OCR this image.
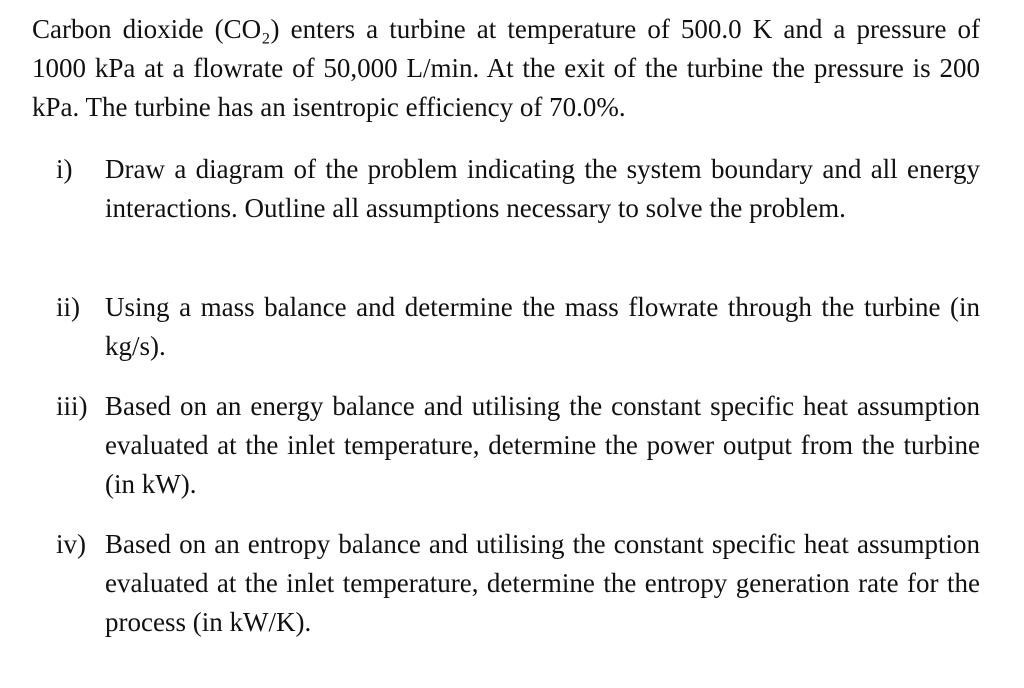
Carbon dioxide (CO₂) enters a turbine at temperature of 500.0 K and a pressure of 1000 kPa at a flowrate of 50,000 L/min. At the exit of the turbine the pressure is 200 kPa. The turbine has an isentropic efficiency of 70.0%.

i) Draw a diagram of the problem indicating the system boundary and all energy interactions. Outline all assumptions necessary to solve the problem.
ii) Using a mass balance and determine the mass flowrate through the turbine (in kg/s).
iii) Based on an energy balance and utilising the constant specific heat assumption evaluated at the inlet temperature, determine the power output from the turbine (in kW).
iv) Based on an entropy balance and utilising the constant specific heat assumption evaluated at the inlet temperature, determine the entropy generation rate for the process (in kW/K).
